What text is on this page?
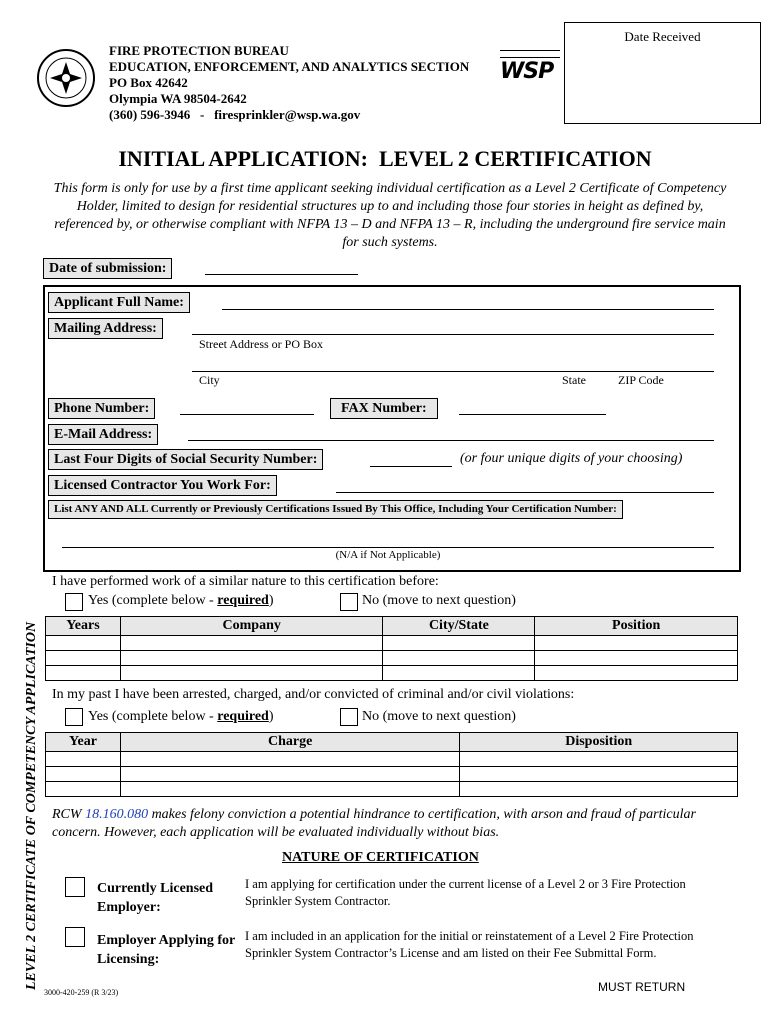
Date Received
FIRE PROTECTION BUREAU
EDUCATION, ENFORCEMENT, AND ANALYTICS SECTION
PO Box 42642
Olympia WA 98504-2642
(360) 596-3946   -   firesprinkler@wsp.wa.gov
WSP
INITIAL APPLICATION:  LEVEL 2 CERTIFICATION
This form is only for use by a first time applicant seeking individual certification as a Level 2 Certificate of Competency Holder, limited to design for residential structures up to and including those four stories in height as defined by, referenced by, or otherwise compliant with NFPA 13 – D and NFPA 13 – R, including the underground fire service main for such systems.
Date of submission:
Applicant Full Name:
Mailing Address:
Street Address or PO Box
City	State	ZIP Code
Phone Number:	FAX Number:
E-Mail Address:
Last Four Digits of Social Security Number:	(or four unique digits of your choosing)
Licensed Contractor You Work For:
List ANY AND ALL Currently or Previously Certifications Issued By This Office, Including Your Certification Number:
(N/A if Not Applicable)
LEVEL 2 CERTIFICATE OF COMPETENCY APPLICATION
I have performed work of a similar nature to this certification before:
Yes (complete below - required)	No (move to next question)
Years	Company	City/State	Position

In my past I have been arrested, charged, and/or convicted of criminal and/or civil violations:
Yes (complete below - required)	No (move to next question)
Year	Charge	Disposition

RCW 18.160.080 makes felony conviction a potential hindrance to certification, with arson and fraud of particular concern. However, each application will be evaluated individually without bias.
NATURE OF CERTIFICATION
Currently Licensed Employer:
I am applying for certification under the current license of a Level 2 or 3 Fire Protection Sprinkler System Contractor.
Employer Applying for Licensing:
I am included in an application for the initial or reinstatement of a Level 2 Fire Protection Sprinkler System Contractor’s License and am listed on their Fee Submittal Form.
3000-420-259 (R 3/23)	MUST RETURN
